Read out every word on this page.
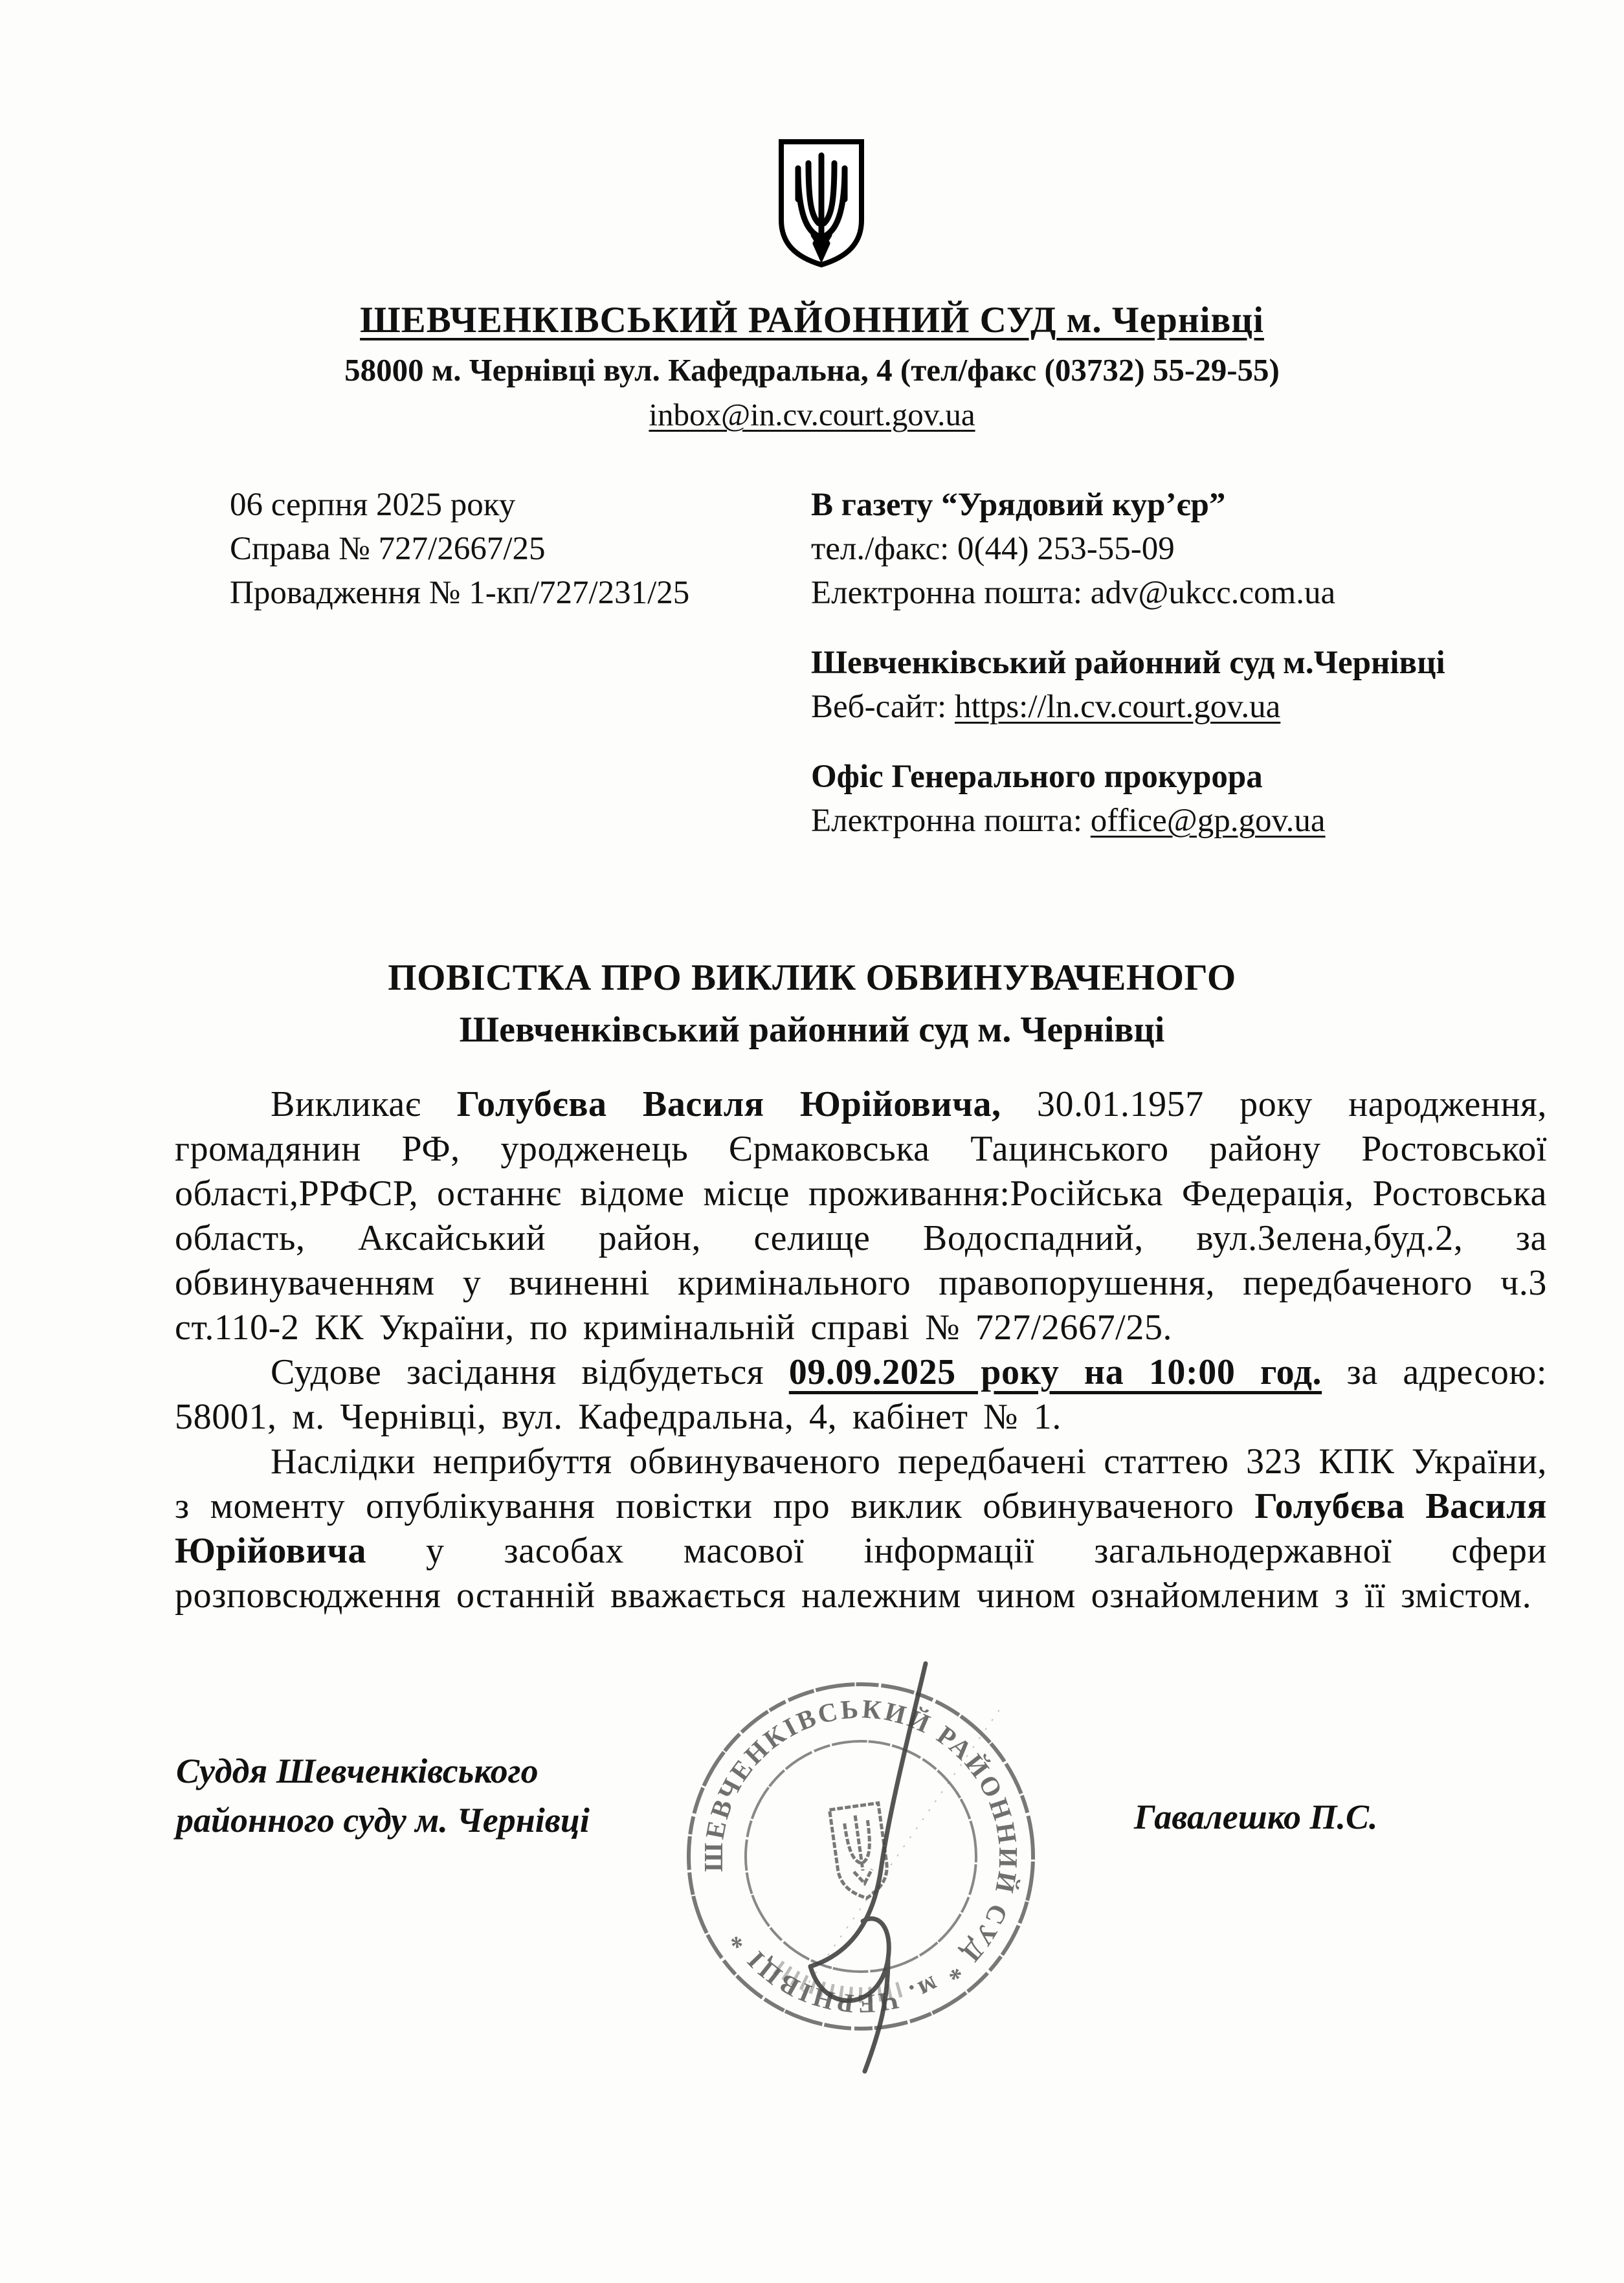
ШЕВЧЕНКІВСЬКИЙ РАЙОННИЙ СУД м. Чернівці
58000 м. Чернівці вул. Кафедральна, 4 (тел/факс (03732) 55-29-55)
inbox@in.cv.court.gov.ua
06 серпня 2025 року
Справа № 727/2667/25
Провадження № 1-кп/727/231/25
В газету “Урядовий кур’єр”
тел./факс: 0(44) 253-55-09
Електронна пошта: adv@ukcc.com.ua
Шевченківський районний суд м.Чернівці
Веб-сайт: https://ln.cv.court.gov.ua
Офіс Генерального прокурора
Електронна пошта: office@gp.gov.ua
ПОВІСТКА ПРО ВИКЛИК ОБВИНУВАЧЕНОГО
Шевченківський районний суд м. Чернівці

Викликає Голубєва Василя Юрійовича, 30.01.1957 року народження, громадянин РФ, уродженець Єрмаковська Тацинського району Ростовської області,РРФСР, останнє відоме місце проживання:Російська Федерація, Ростовська область, Аксайський район, селище Водоспадний, вул.Зелена,буд.2, за обвинуваченням у вчиненні кримінального правопорушення, передбаченого ч.3 ст.110-2 КК України, по кримінальній справі № 727/2667/25.

Судове засідання відбудеться 09.09.2025 року на 10:00 год. за адресою: 58001, м. Чернівці, вул. Кафедральна, 4, кабінет № 1.

Наслідки неприбуття обвинуваченого передбачені статтею 323 КПК України, з моменту опублікування повістки про виклик обвинуваченого Голубєва Василя Юрійовича у засобах масової інформації загальнодержавної сфери розповсюдження останній вважається належним чином ознайомленим з її змістом.

Суддя Шевченківського
районного суду м. Чернівці	Гавалешко П.С.
ШЕВЧЕНКІВСЬКИЙ РАЙОННИЙ СУД * м. ЧЕРНІВЦІ *
